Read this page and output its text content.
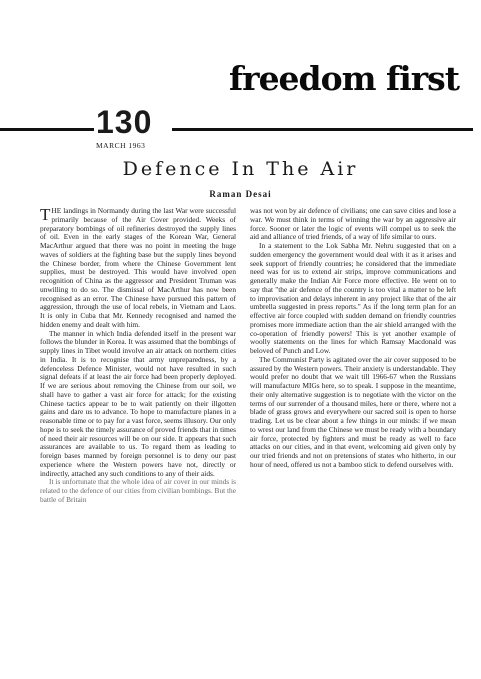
freedom first
130
MARCH 1963
Defence In The Air
Raman Desai

THE landings in Normandy during the last War were successful primarily because of the Air Cover provided. Weeks of preparatory bombings of oil refineries destroyed the supply lines of oil. Even in the early stages of the Korean War, General MacArthur argued that there was no point in meeting the huge waves of soldiers at the fighting base but the supply lines beyond the Chinese border, from where the Chinese Government lent supplies, must be destroyed. This would have involved open recognition of China as the aggressor and President Truman was unwilling to do so. The dismissal of MacArthur has now been recognised as an error. The Chinese have pursued this pattern of aggression, through the use of local rebels, in Vietnam and Laos. It is only in Cuba that Mr. Kennedy recognised and named the hidden enemy and dealt with him.

The manner in which India defended itself in the present war follows the blunder in Korea. It was assumed that the bombings of supply lines in Tibet would involve an air attack on northern cities in India. It is to recognise that army unpreparedness, by a defenceless Defence Minister, would not have resulted in such signal defeats if at least the air force had been properly deployed. If we are serious about removing the Chinese from our soil, we shall have to gather a vast air force for attack; for the existing Chinese tactics appear to be to wait patiently on their illgotten gains and dare us to advance. To hope to manufacture planes in a reasonable time or to pay for a vast force, seems illusory. Our only hope is to seek the timely assurance of proved friends that in times of need their air resources will be on our side. It appears that such assurances are available to us. To regard them as leading to foreign bases manned by foreign personnel is to deny our past experience where the Western powers have not, directly or indirectly, attached any such conditions to any of their aids.

It is unfortunate that the whole idea of air cover in our minds is related to the defence of our cities from civilian bombings. But the battle of Britain

was not won by air defence of civilians; one can save cities and lose a war. We must think in terms of winning the war by an aggressive air force. Sooner or later the logic of events will compel us to seek the aid and alliance of tried friends, of a way of life similar to ours.

In a statement to the Lok Sabha Mr. Nehru suggested that on a sudden emergency the government would deal with it as it arises and seek support of friendly countries; he considered that the immediate need was for us to extend air strips, improve communications and generally make the Indian Air Force more effective. He went on to say that "the air defence of the country is too vital a matter to be left to improvisation and delays inherent in any project like that of the air umbrella suggested in press reports." As if the long term plan for an effective air force coupled with sudden demand on friendly countries promises more immediate action than the air shield arranged with the co-operation of friendly powers! This is yet another example of woolly statements on the lines for which Ramsay Macdonald was beloved of Punch and Low.

The Communist Party is agitated over the air cover supposed to be assured by the Western powers. Their anxiety is understandable. They would prefer no doubt that we wait till 1966-67 when the Russians will manufacture MIGs here, so to speak. I suppose in the meantime, their only alternative suggestion is to negotiate with the victor on the terms of our surrender of a thousand miles, here or there, where not a blade of grass grows and everywhere our sacred soil is open to horse trading. Let us be clear about a few things in our minds: if we mean to wrest our land from the Chinese we must be ready with a boundary air force, protected by fighters and must be ready as well to face attacks on our cities, and in that event, welcoming aid given only by our tried friends and not on pretensions of states who hitherto, in our hour of need, offered us not a bamboo stick to defend ourselves with.
